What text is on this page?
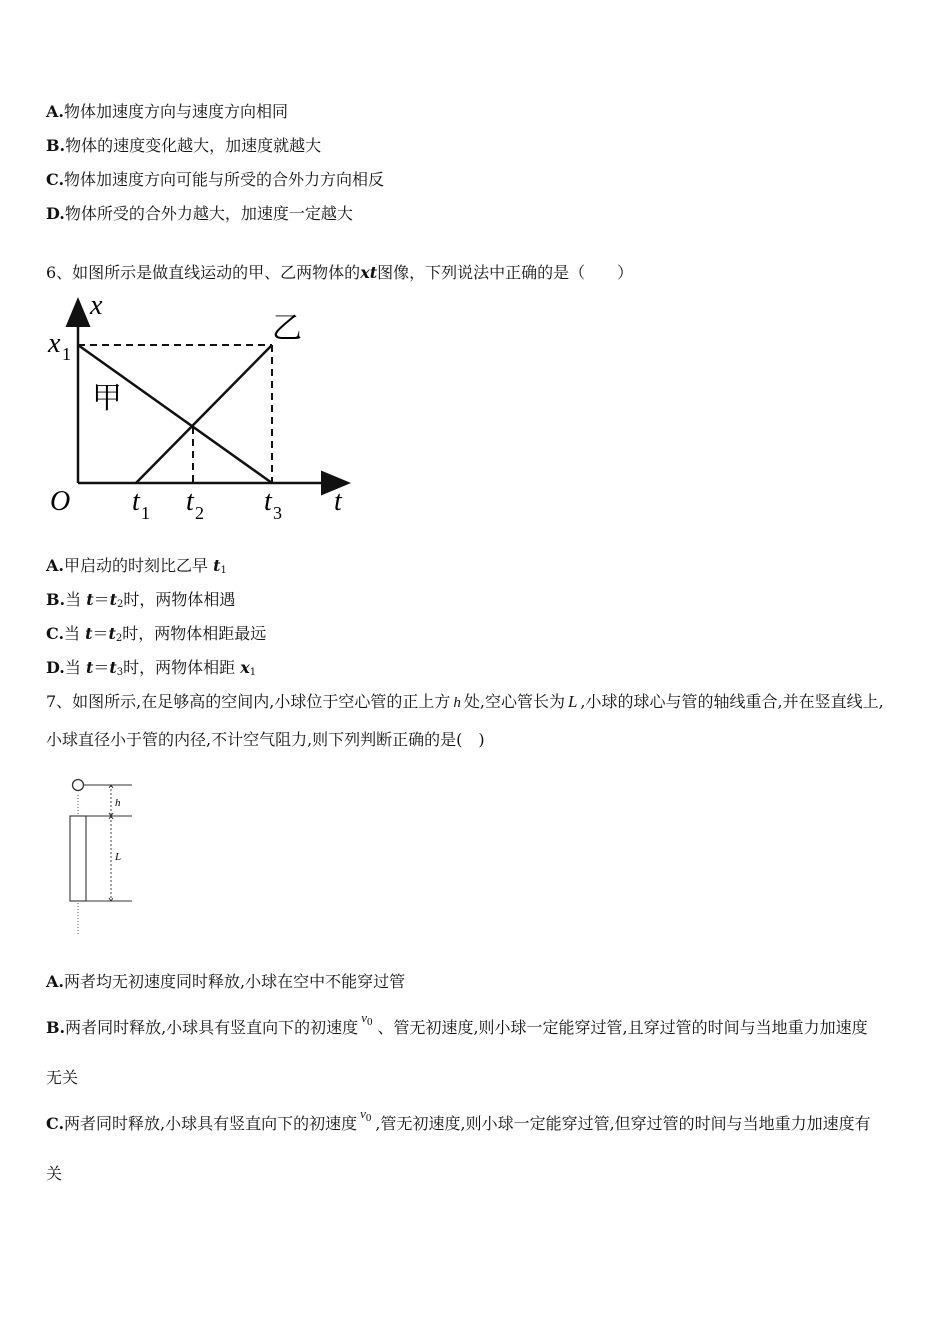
A.物体加速度方向与速度方向相同
B.物体的速度变化越大，加速度就越大
C.物体加速度方向可能与所受的合外力方向相反
D.物体所受的合外力越大，加速度一定越大
6、如图所示是做直线运动的甲、乙两物体的xt图像，下列说法中正确的是（　　）
x
t
O
x 1
t 1 t 2 t 3
甲
乙
A.甲启动的时刻比乙早 $t_1$
B.当 $t=t_2$时，两物体相遇
C.当 $t=t_2$时，两物体相距最远
D.当 $t=t_3$时，两物体相距 $x_1$
7、如图所示,在足够高的空间内,小球位于空心管的正上方 h 处,空心管长为 L ,小球的球心与管的轴线重合,并在竖直线上,
小球直径小于管的内径,不计空气阻力,则下列判断正确的是(　)
h
L
A.两者均无初速度同时释放,小球在空中不能穿过管
B.两者同时释放,小球具有竖直向下的初速度$^{v_0}$ 、管无初速度,则小球一定能穿过管,且穿过管的时间与当地重力加速度
无关
C.两者同时释放,小球具有竖直向下的初速度$^{v_0}$ ,管无初速度,则小球一定能穿过管,但穿过管的时间与当地重力加速度有
关
